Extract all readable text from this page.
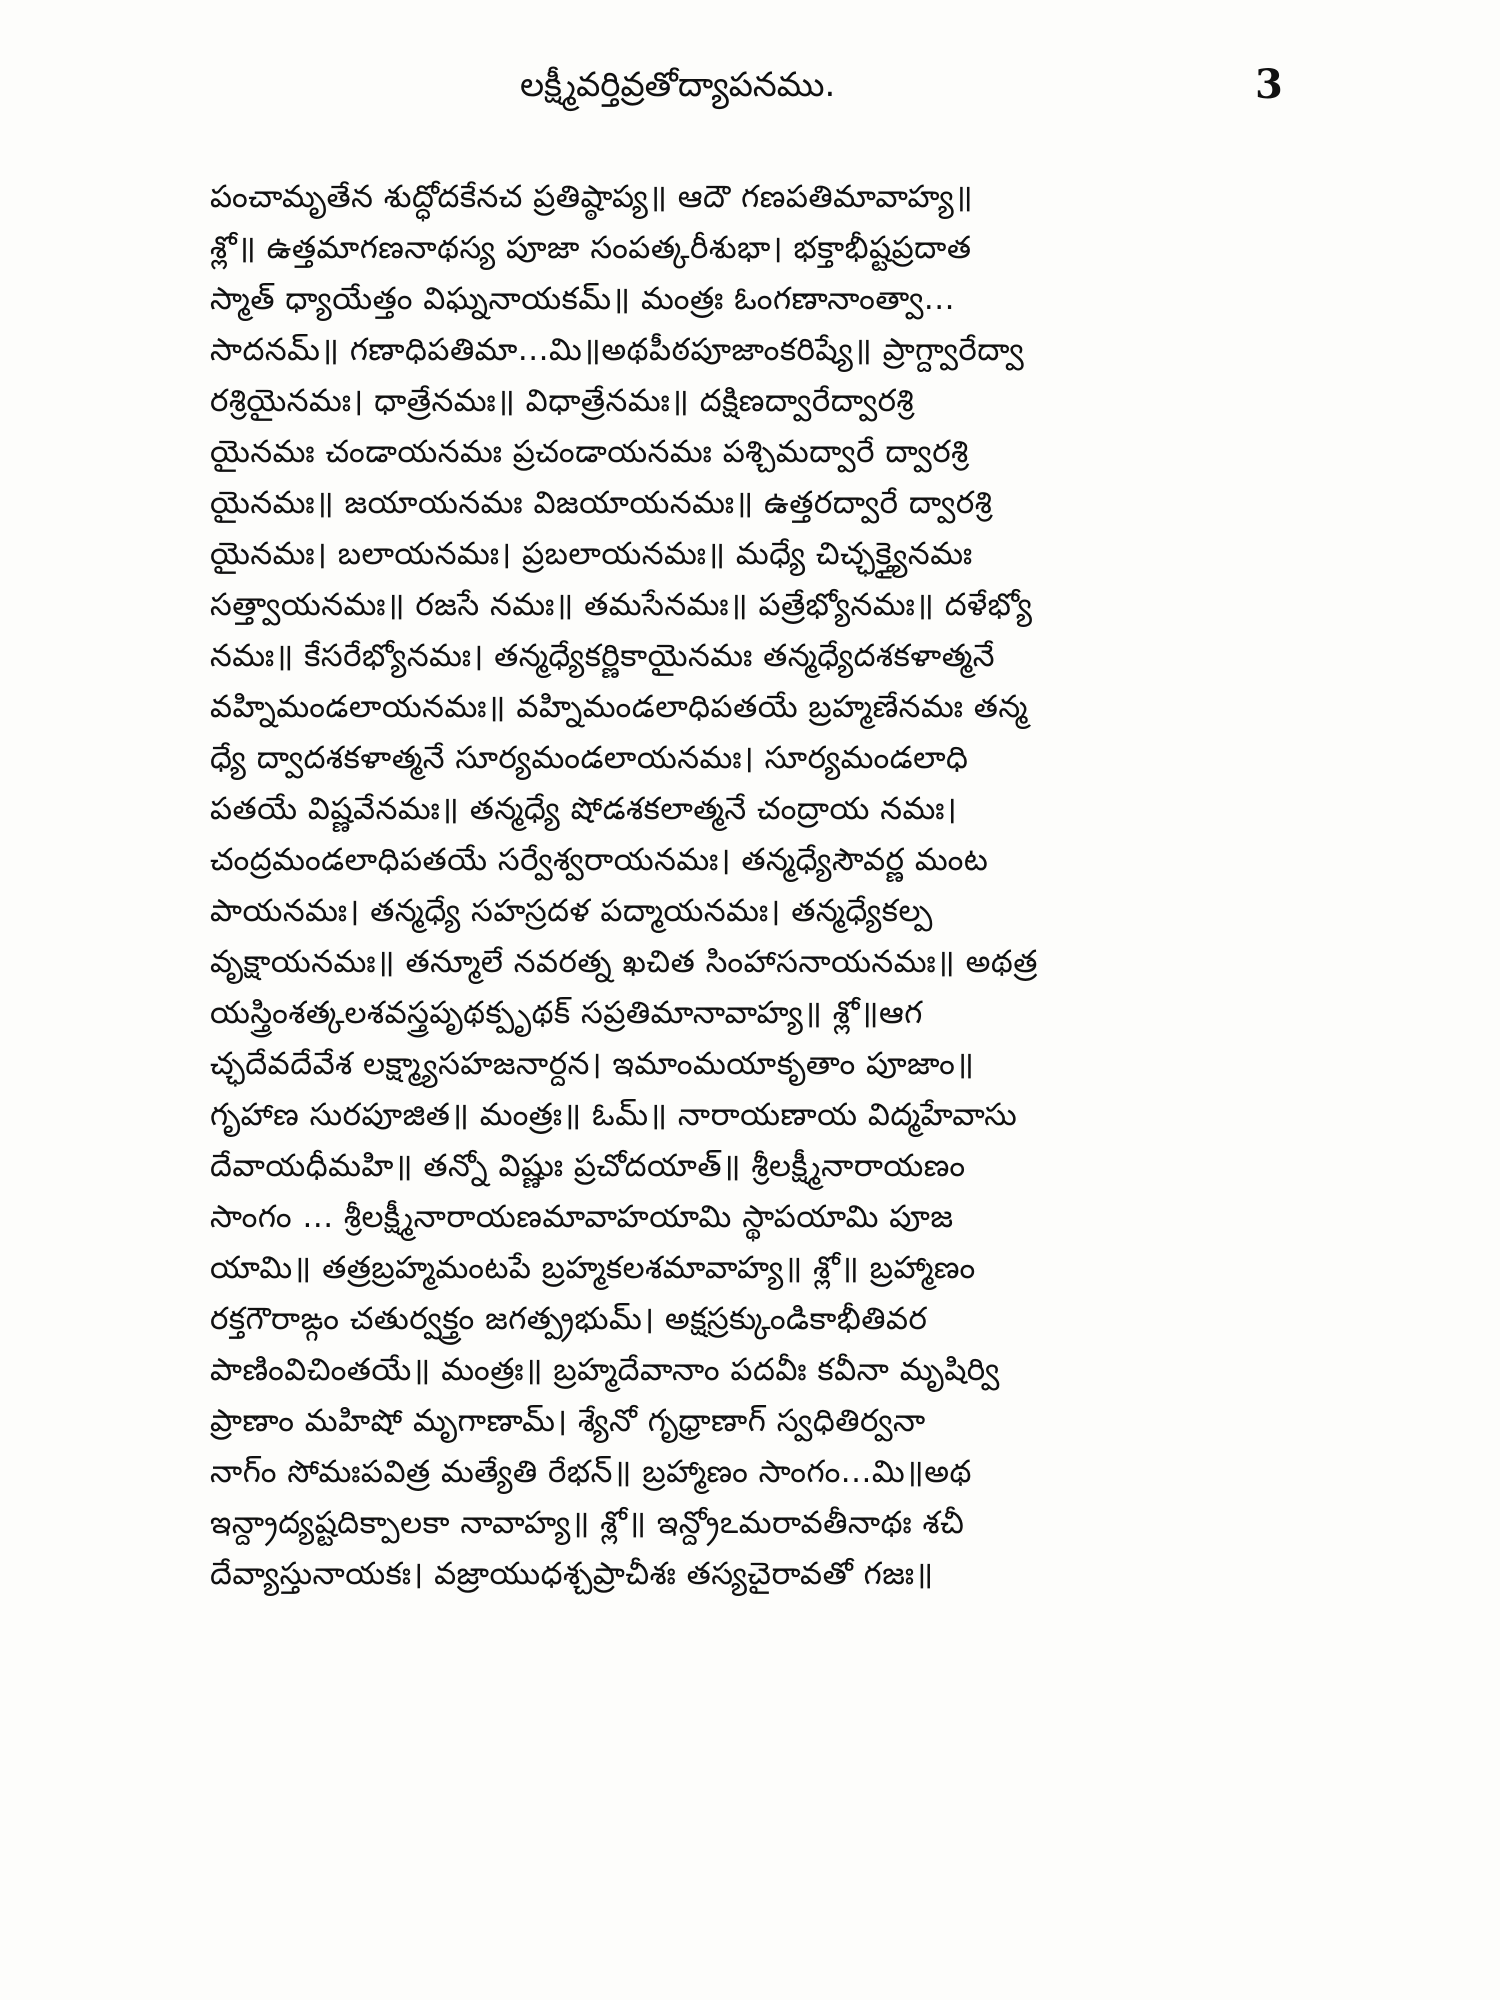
లక్ష్మీవర్తివ్రతోద్యాపనము.	3
పంచామృతేన శుద్ధోదకేనచ ప్రతిష్ఠాప్య॥ ఆదౌ గణపతిమావాహ్య॥
శ్లో॥ ఉత్తమాగణనాథస్య పూజా సంపత్కరీశుభా। భక్తాభీష్టప్రదాత
స్మాత్ ధ్యాయేత్తం విఘ్ననాయకమ్॥ మంత్రః ఓంగణానాంత్వా...
సాదనమ్॥ గణాధిపతిమా...మి॥అథపీఠపూజాంకరిష్యే॥ ప్రాగ్ద్వారేద్వా
రశ్రియైనమః। ధాత్రేనమః॥ విధాత్రేనమః॥ దక్షిణద్వారేద్వారశ్రి
యైనమః చండాయనమః ప్రచండాయనమః పశ్చిమద్వారే ద్వారశ్రి
యైనమః॥ జయాయనమః విజయాయనమః॥ ఉత్తరద్వారే ద్వారశ్రి
యైనమః। బలాయనమః। ప్రబలాయనమః॥ మధ్యే చిచ్ఛక్త్యైనమః
సత్త్వాయనమః॥ రజసే నమః॥ తమసేనమః॥ పత్రేభ్యోనమః॥ దళేభ్యో
నమః॥ కేసరేభ్యోనమః। తన్మధ్యేకర్ణికాయైనమః తన్మధ్యేదశకళాత్మనే
వహ్నిమండలాయనమః॥ వహ్నిమండలాధిపతయే బ్రహ్మణేనమః తన్మ
ధ్యే ద్వాదశకళాత్మనే సూర్యమండలాయనమః। సూర్యమండలాధి
పతయే విష్ణవేనమః॥ తన్మధ్యే షోడశకలాత్మనే చంద్రాయ నమః।
చంద్రమండలాధిపతయే సర్వేశ్వరాయనమః। తన్మధ్యేసౌవర్ణ మంట
పాయనమః। తన్మధ్యే సహస్రదళ పద్మాయనమః। తన్మధ్యేకల్ప
వృక్షాయనమః॥ తన్మూలే నవరత్న ఖచిత సింహాసనాయనమః॥ అథత్ర
యస్త్రింశత్కలశవస్త్రపృథక్పృథక్ సప్రతిమానావాహ్య॥ శ్లో॥ఆగ
చ్ఛదేవదేవేశ లక్ష్మ్యాసహజనార్దన। ఇమాంమయాకృతాం పూజాం॥
గృహాణ సురపూజిత॥ మంత్రః॥ ఓమ్॥ నారాయణాయ విద్మహేవాసు
దేవాయధీమహి॥ తన్నో విష్ణుః ప్రచోదయాత్॥ శ్రీలక్ష్మీనారాయణం
సాంగం ... శ్రీలక్ష్మీనారాయణమావాహయామి స్థాపయామి పూజ
యామి॥ తత్రబ్రహ్మమంటపే బ్రహ్మకలశమావాహ్య॥ శ్లో॥ బ్రహ్మాణం
రక్తగౌరాఙ్గం చతుర్వక్త్రం జగత్ప్రభుమ్। అక్షస్రక్కుండికాభీతివర
పాణింవిచింతయే॥ మంత్రః॥ బ్రహ్మదేవానాం పదవీః కవీనా మృషిర్వి
ప్రాణాం మహిషో మృగాణామ్। శ్యేనో గృధ్రాణాగ్ స్వధితిర్వనా
నాగ్ం సోమఃపవిత్ర మత్యేతి రేభన్॥ బ్రహ్మాణం సాంగం...మి॥అథ
ఇన్ద్రాద్యష్టదిక్పాలకా నావాహ్య॥ శ్లో॥ ఇన్ద్రోఽమరావతీనాథః శచీ
దేవ్యాస్తునాయకః। వజ్రాయుధశ్చప్రాచీశః తస్యచైరావతో గజః॥
